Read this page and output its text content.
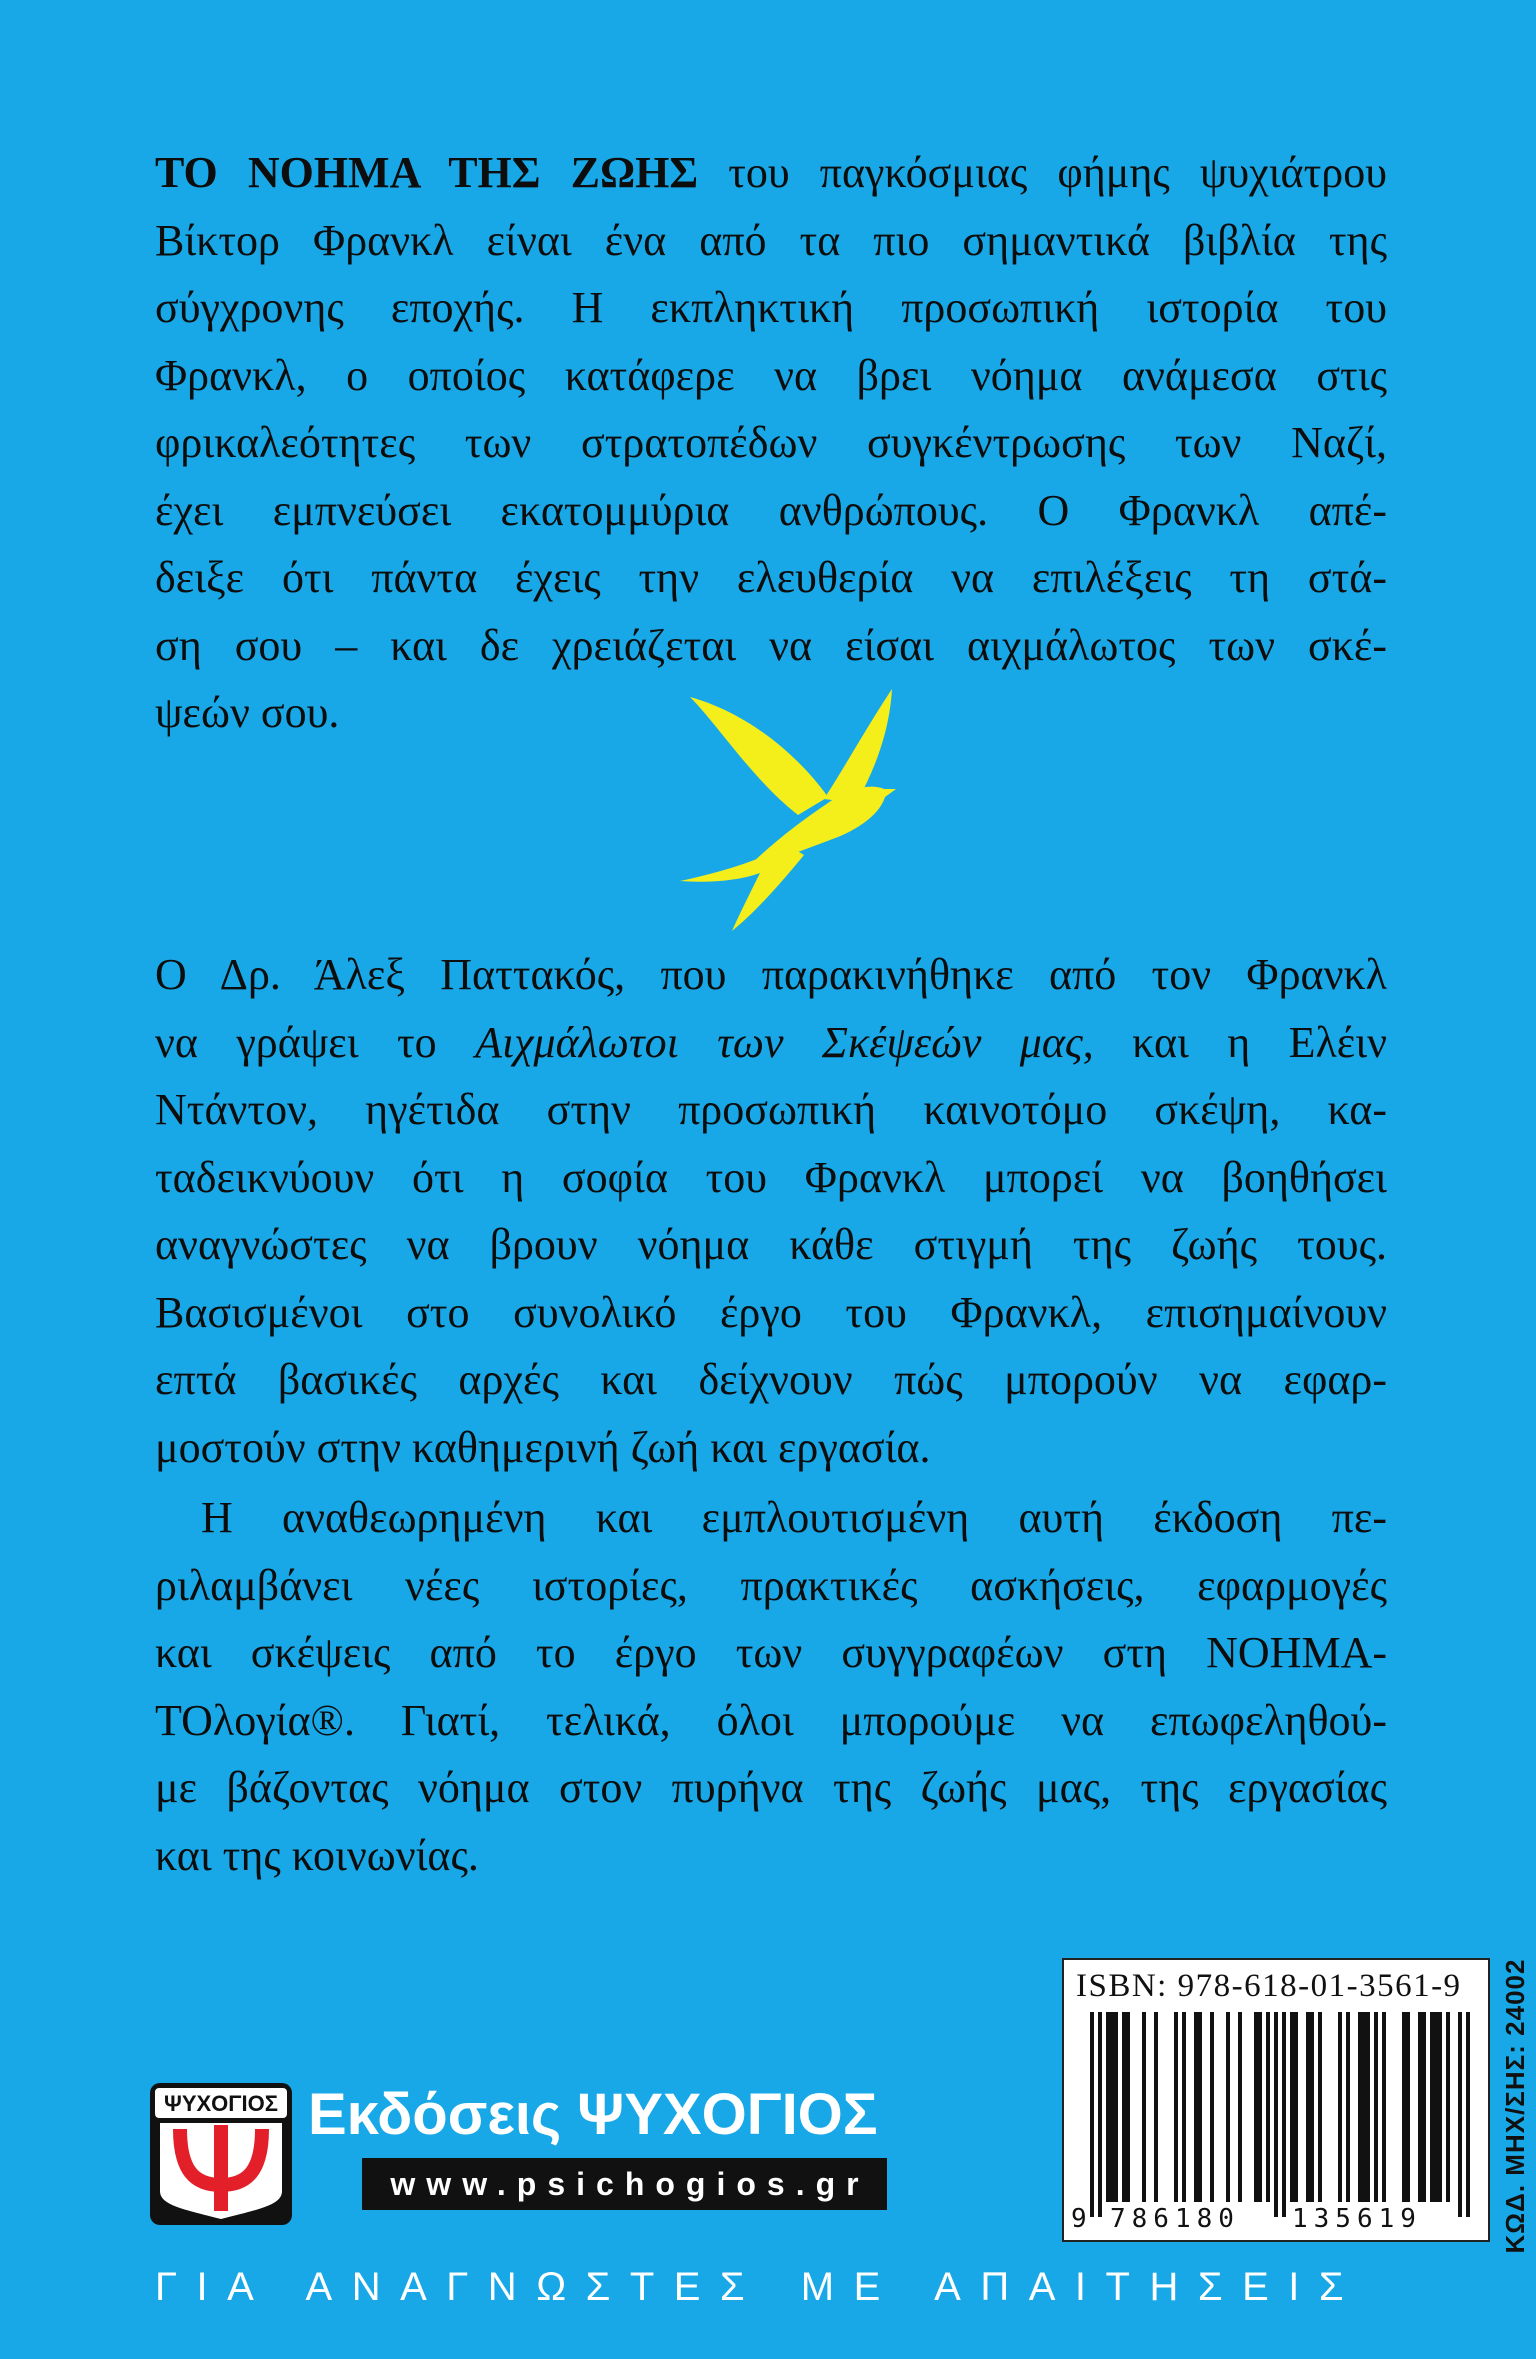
ΤΟ ΝΟΗΜΑ ΤΗΣ ΖΩΗΣ του παγκόσμιας φήμης ψυχιάτρου
Βίκτορ Φρανκλ είναι ένα από τα πιο σημαντικά βιβλία της
σύγχρονης εποχής. Η εκπληκτική προσωπική ιστορία του
Φρανκλ, ο οποίος κατάφερε να βρει νόημα ανάμεσα στις
φρικαλεότητες των στρατοπέδων συγκέντρωσης των Ναζί,
έχει εμπνεύσει εκατομμύρια ανθρώπους. Ο Φρανκλ απέ-
δειξε ότι πάντα έχεις την ελευθερία να επιλέξεις τη στά-
ση σου – και δε χρειάζεται να είσαι αιχμάλωτος των σκέ-
ψεών σου.
Ο Δρ. Άλεξ Παττακός, που παρακινήθηκε από τον Φρανκλ
να γράψει το Αιχμάλωτοι των Σκέψεών μας, και η Ελέιν
Ντάντον, ηγέτιδα στην προσωπική καινοτόμο σκέψη, κα-
ταδεικνύουν ότι η σοφία του Φρανκλ μπορεί να βοηθήσει
αναγνώστες να βρουν νόημα κάθε στιγμή της ζωής τους.
Βασισμένοι στο συνολικό έργο του Φρανκλ, επισημαίνουν
επτά βασικές αρχές και δείχνουν πώς μπορούν να εφαρ-
μοστούν στην καθημερινή ζωή και εργασία.
Η αναθεωρημένη και εμπλουτισμένη αυτή έκδοση πε-
ριλαμβάνει νέες ιστορίες, πρακτικές ασκήσεις, εφαρμογές
και σκέψεις από το έργο των συγγραφέων στη ΝΟΗΜΑ-
ΤΟλογία®. Γιατί, τελικά, όλοι μπορούμε να επωφεληθού-
με βάζοντας νόημα στον πυρήνα της ζωής μας, της εργασίας
και της κοινωνίας.
ISBN: 978-618-01-3561-9
9 786180 135619	ΚΩΔ. ΜΗΧ/ΣΗΣ: 24002
ΨΥΧΟΓΙΟΣ Εκδόσεις ΨΥΧΟΓΙΟΣ
www.psichogios.gr
ΓΙΑ ΑΝΑΓΝΩΣΤΕΣ ΜΕ ΑΠΑΙΤΗΣΕΙΣ
